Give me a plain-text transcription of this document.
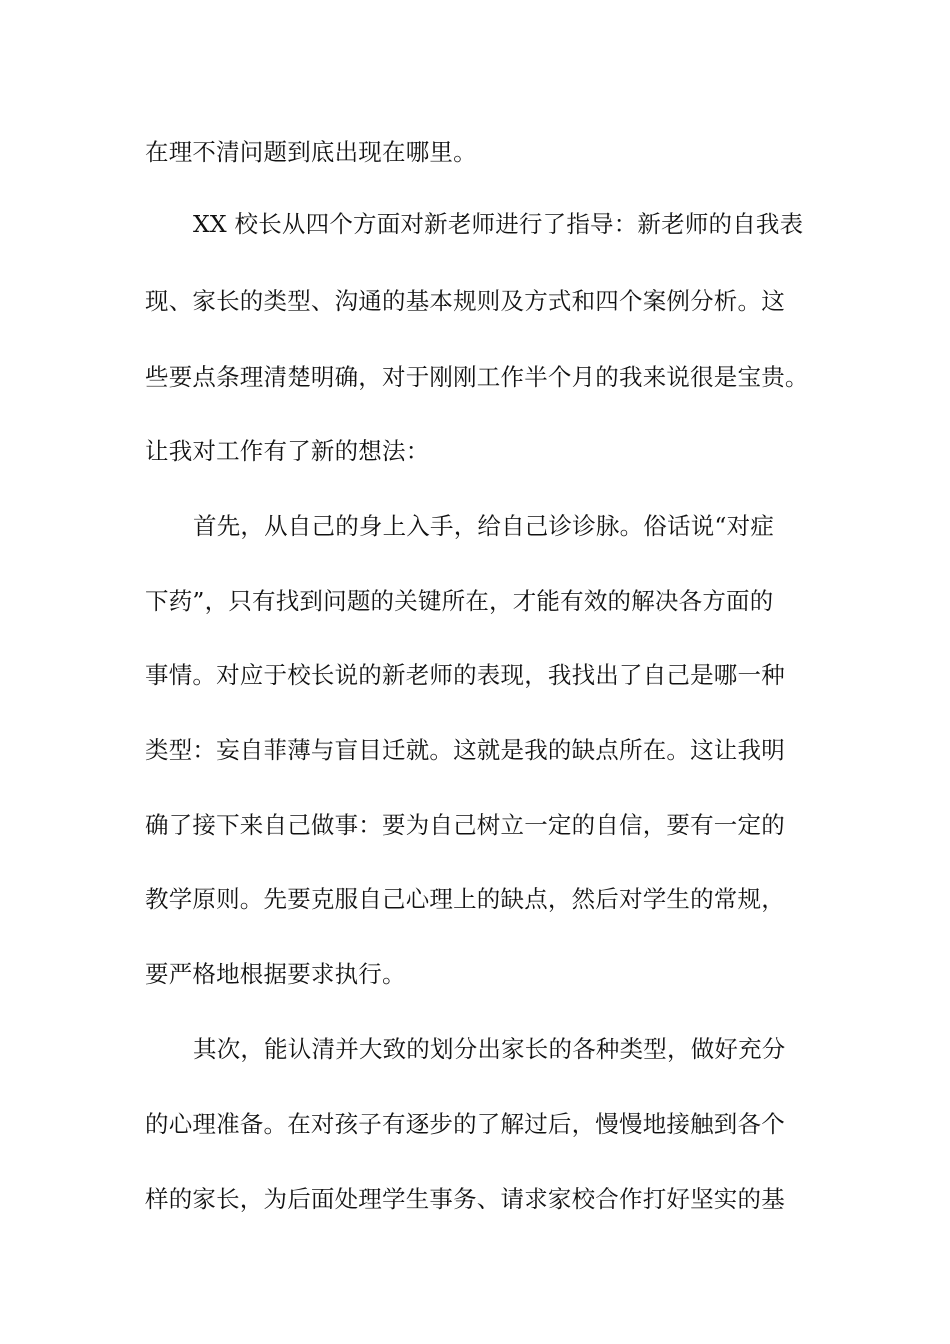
在理不清问题到底出现在哪里。
XX 校长从四个方面对新老师进行了指导：新老师的自我表
现、家长的类型、沟通的基本规则及方式和四个案例分析。这
些要点条理清楚明确，对于刚刚工作半个月的我来说很是宝贵。
让我对工作有了新的想法：
首先，从自己的身上入手，给自己诊诊脉。俗话说“对症
下药”，只有找到问题的关键所在，才能有效的解决各方面的
事情。对应于校长说的新老师的表现，我找出了自己是哪一种
类型：妄自菲薄与盲目迁就。这就是我的缺点所在。这让我明
确了接下来自己做事：要为自己树立一定的自信，要有一定的
教学原则。先要克服自己心理上的缺点，然后对学生的常规，
要严格地根据要求执行。
其次，能认清并大致的划分出家长的各种类型，做好充分
的心理准备。在对孩子有逐步的了解过后，慢慢地接触到各个
样的家长，为后面处理学生事务、请求家校合作打好坚实的基
